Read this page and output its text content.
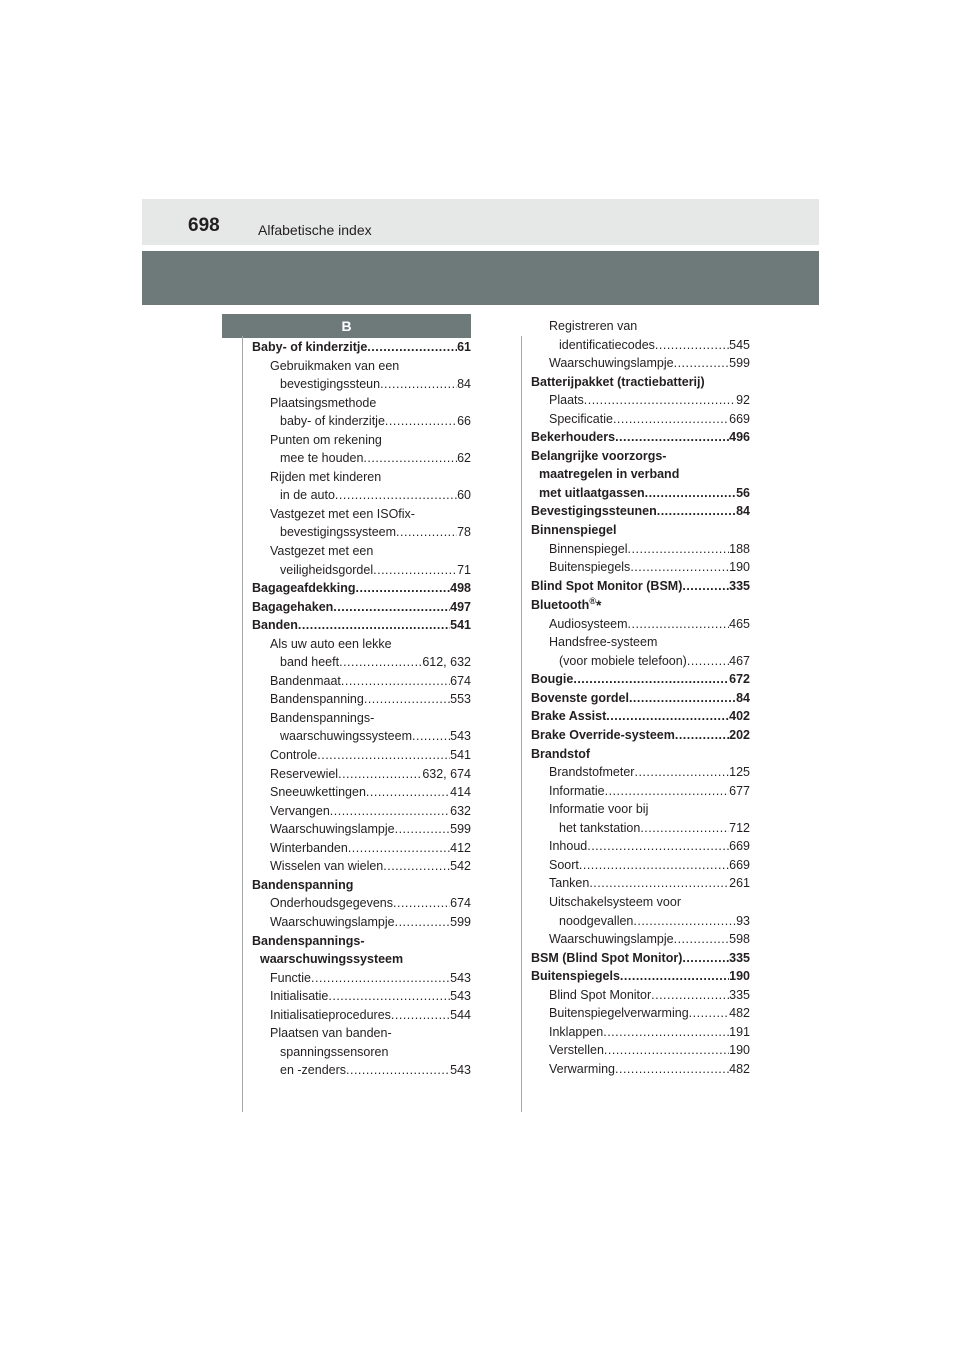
698	Alfabetische index
B
Baby- of kinderzitje .....	61
Gebruikmaken van een
bevestigingssteun .....	84
Plaatsingsmethode
baby- of kinderzitje .....	66
Punten om rekening
mee te houden .....	62
Rijden met kinderen
in de auto .....	60
Vastgezet met een ISOfix-
bevestigingssysteem .....	78
Vastgezet met een
veiligheidsgordel .....	71
Bagageafdekking .....	498
Bagagehaken .....	497
Banden .....	541
Als uw auto een lekke
band heeft .....	612, 632
Bandenmaat .....	674
Bandenspanning .....	553
Bandenspannings-
waarschuwingssysteem .....	543
Controle .....	541
Reservewiel .....	632, 674
Sneeuwkettingen .....	414
Vervangen .....	632
Waarschuwingslampje .....	599
Winterbanden .....	412
Wisselen van wielen .....	542
Bandenspanning
Onderhoudsgegevens .....	674
Waarschuwingslampje .....	599
Bandenspannings-
waarschuwingssysteem
Functie .....	543
Initialisatie .....	543
Initialisatieprocedures .....	544
Plaatsen van banden-
spanningssensoren
en -zenders .....	543
Registreren van
identificatiecodes .....	545
Waarschuwingslampje .....	599
Batterijpakket (tractiebatterij)
Plaats .....	92
Specificatie .....	669
Bekerhouders .....	496
Belangrijke voorzorgs-
maatregelen in verband
met uitlaatgassen .....	56
Bevestigingssteunen .....	84
Binnenspiegel
Binnenspiegel .....	188
Buitenspiegels .....	190
Blind Spot Monitor (BSM) .....	335
Bluetooth®*
Audiosysteem .....	465
Handsfree-systeem
(voor mobiele telefoon) .....	467
Bougie .....	672
Bovenste gordel .....	84
Brake Assist .....	402
Brake Override-systeem .....	202
Brandstof
Brandstofmeter .....	125
Informatie .....	677
Informatie voor bij
het tankstation .....	712
Inhoud .....	669
Soort .....	669
Tanken .....	261
Uitschakelsysteem voor
noodgevallen .....	93
Waarschuwingslampje .....	598
BSM (Blind Spot Monitor) .....	335
Buitenspiegels .....	190
Blind Spot Monitor .....	335
Buitenspiegelverwarming .....	482
Inklappen .....	191
Verstellen .....	190
Verwarming .....	482
